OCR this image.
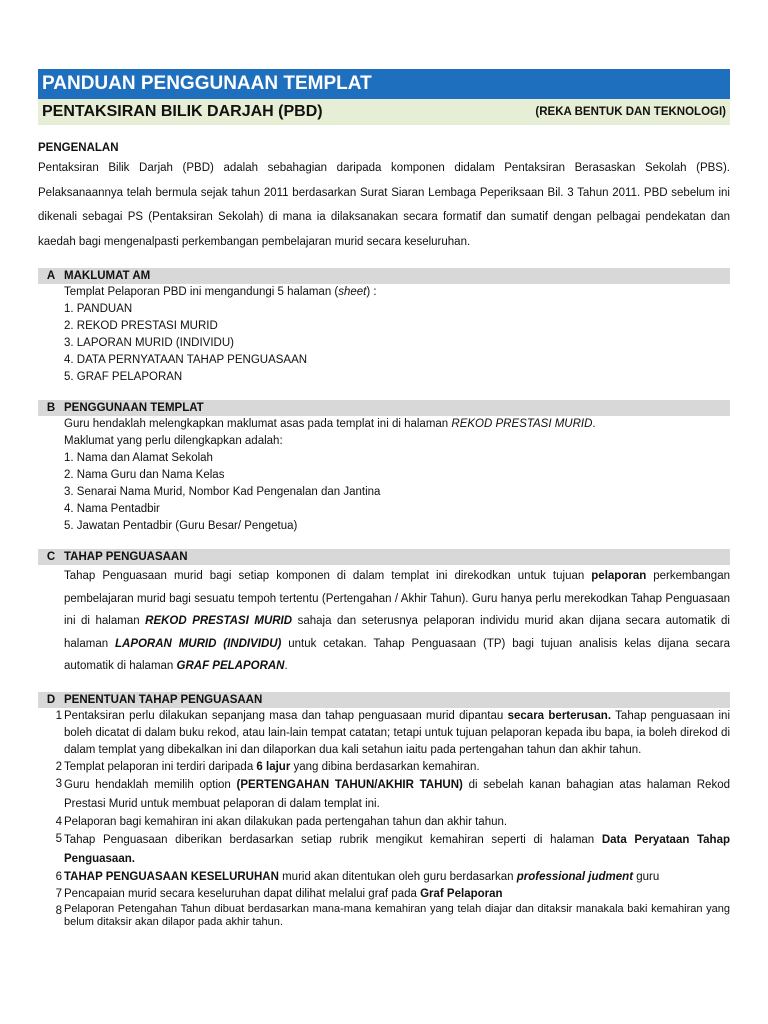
PANDUAN PENGGUNAAN TEMPLAT
PENTAKSIRAN BILIK DARJAH (PBD)	(REKA BENTUK DAN TEKNOLOGI)
PENGENALAN

Pentaksiran Bilik Darjah (PBD) adalah sebahagian daripada komponen didalam Pentaksiran Berasaskan Sekolah (PBS). Pelaksanaannya telah bermula sejak tahun 2011 berdasarkan Surat Siaran Lembaga Peperiksaan Bil. 3 Tahun 2011. PBD sebelum ini dikenali sebagai PS (Pentaksiran Sekolah) di mana ia dilaksanakan secara formatif dan sumatif dengan pelbagai pendekatan dan kaedah bagi mengenalpasti perkembangan pembelajaran murid secara keseluruhan.

A MAKLUMAT AM
Templat Pelaporan PBD ini mengandungi 5 halaman (sheet) :
1. PANDUAN
2. REKOD PRESTASI MURID
3. LAPORAN MURID (INDIVIDU)
4. DATA PERNYATAAN TAHAP PENGUASAAN
5. GRAF PELAPORAN
B PENGGUNAAN TEMPLAT
Guru hendaklah melengkapkan maklumat asas pada templat ini di halaman REKOD PRESTASI MURID.
Maklumat yang perlu dilengkapkan adalah:
1. Nama dan Alamat Sekolah
2. Nama Guru dan Nama Kelas
3. Senarai Nama Murid, Nombor Kad Pengenalan dan Jantina
4. Nama Pentadbir
5. Jawatan Pentadbir (Guru Besar/ Pengetua)
C TAHAP PENGUASAAN
Tahap Penguasaan murid bagi setiap komponen di dalam templat ini direkodkan untuk tujuan pelaporan perkembangan pembelajaran murid bagi sesuatu tempoh tertentu (Pertengahan / Akhir Tahun). Guru hanya perlu merekodkan Tahap Penguasaan ini di halaman REKOD PRESTASI MURID sahaja dan seterusnya pelaporan individu murid akan dijana secara automatik di halaman LAPORAN MURID (INDIVIDU) untuk cetakan. Tahap Penguasaan (TP) bagi tujuan analisis kelas dijana secara automatik di halaman GRAF PELAPORAN.
D PENENTUAN TAHAP PENGUASAAN
1 Pentaksiran perlu dilakukan sepanjang masa dan tahap penguasaan murid dipantau secara berterusan. Tahap penguasaan ini boleh dicatat di dalam buku rekod, atau lain-lain tempat catatan; tetapi untuk tujuan pelaporan kepada ibu bapa, ia boleh direkod di dalam templat yang dibekalkan ini dan dilaporkan dua kali setahun iaitu pada pertengahan tahun dan akhir tahun.
2 Templat pelaporan ini terdiri daripada 6 lajur yang dibina berdasarkan kemahiran.
3 Guru hendaklah memilih option (PERTENGAHAN TAHUN/AKHIR TAHUN) di sebelah kanan bahagian atas halaman Rekod Prestasi Murid untuk membuat pelaporan di dalam templat ini.
4 Pelaporan bagi kemahiran ini akan dilakukan pada pertengahan tahun dan akhir tahun.
5 Tahap Penguasaan diberikan berdasarkan setiap rubrik mengikut kemahiran seperti di halaman Data Peryataan Tahap Penguasaan.
6 TAHAP PENGUASAAN KESELURUHAN murid akan ditentukan oleh guru berdasarkan professional judment guru
7 Pencapaian murid secara keseluruhan dapat dilihat melalui graf pada Graf Pelaporan
8 Pelaporan Petengahan Tahun dibuat berdasarkan mana-mana kemahiran yang telah diajar dan ditaksir manakala baki kemahiran yang belum ditaksir akan dilapor pada akhir tahun.
